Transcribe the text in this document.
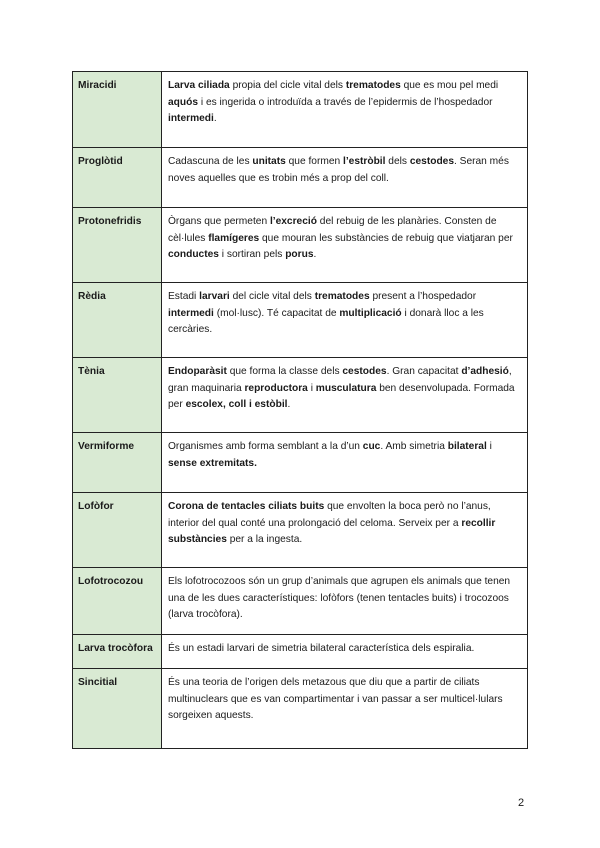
Miracidi	Larva ciliada propia del cicle vital dels trematodes que es mou pel medi aquós i es ingerida o introduïda a través de l’epidermis de l’hospedador intermedi.
Proglòtid	Cadascuna de les unitats que formen l’estròbil dels cestodes. Seran més noves aquelles que es trobin més a prop del coll.
Protonefridis	Òrgans que permeten l’excreció del rebuig de les planàries. Consten de cèl·lules flamígeres que mouran les substàncies de rebuig que viatjaran per conductes i sortiran pels porus.
Rèdia	Estadi larvari del cicle vital dels trematodes present a l’hospedador intermedi (mol·lusc). Té capacitat de multiplicació i donarà lloc a les cercàries.
Tènia	Endoparàsit que forma la classe dels cestodes. Gran capacitat d’adhesió, gran maquinaria reproductora i musculatura ben desenvolupada. Formada per escolex, coll i estòbil.
Vermiforme	Organismes amb forma semblant a la d’un cuc. Amb simetria bilateral i sense extremitats.
Lofòfor	Corona de tentacles ciliats buits que envolten la boca però no l’anus, interior del qual conté una prolongació del celoma. Serveix per a recollir substàncies per a la ingesta.
Lofotrocozou	Els lofotrocozoos són un grup d’animals que agrupen els animals que tenen una de les dues característiques: lofòfors (tenen tentacles buits) i trocozoos (larva trocòfora).
Larva trocòfora	És un estadi larvari de simetria bilateral característica dels espiralia.
Sincitial	És una teoria de l’origen dels metazous que diu que a partir de ciliats multinuclears que es van compartimentar i van passar a ser multicel·lulars sorgeixen aquests.
2
